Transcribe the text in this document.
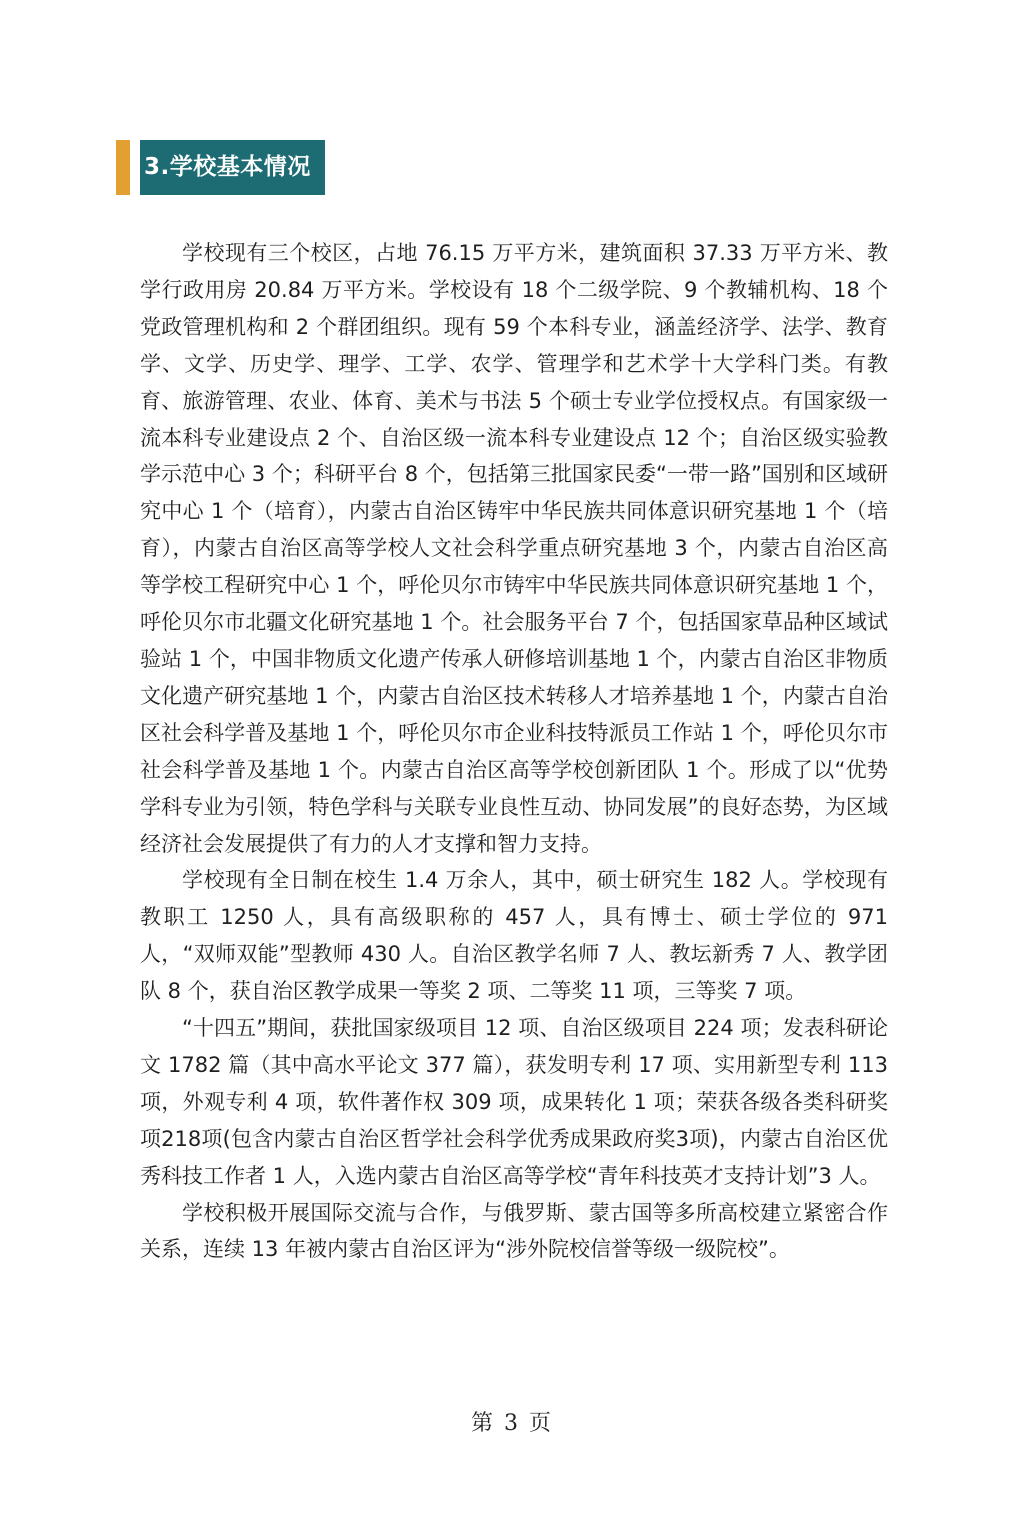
3.学校基本情况

学校现有三个校区，占地 76.15 万平方米，建筑面积 37.33 万平方米、教学行政用房 20.84 万平方米。学校设有 18 个二级学院、9 个教辅机构、18 个党政管理机构和 2 个群团组织。现有 59 个本科专业，涵盖经济学、法学、教育学、文学、历史学、理学、工学、农学、管理学和艺术学十大学科门类。有教育、旅游管理、农业、体育、美术与书法 5 个硕士专业学位授权点。有国家级一流本科专业建设点 2 个、自治区级一流本科专业建设点 12 个；自治区级实验教学示范中心 3 个；科研平台 8 个，包括第三批国家民委“一带一路”国别和区域研究中心 1 个（培育），内蒙古自治区铸牢中华民族共同体意识研究基地 1 个（培育），内蒙古自治区高等学校人文社会科学重点研究基地 3 个，内蒙古自治区高等学校工程研究中心 1 个，呼伦贝尔市铸牢中华民族共同体意识研究基地 1 个，呼伦贝尔市北疆文化研究基地 1 个。社会服务平台 7 个，包括国家草品种区域试验站 1 个，中国非物质文化遗产传承人研修培训基地 1 个，内蒙古自治区非物质文化遗产研究基地 1 个，内蒙古自治区技术转移人才培养基地 1 个，内蒙古自治区社会科学普及基地 1 个，呼伦贝尔市企业科技特派员工作站 1 个，呼伦贝尔市社会科学普及基地 1 个。内蒙古自治区高等学校创新团队 1 个。形成了以“优势学科专业为引领，特色学科与关联专业良性互动、协同发展”的良好态势，为区域经济社会发展提供了有力的人才支撑和智力支持。

学校现有全日制在校生 1.4 万余人，其中，硕士研究生 182 人。学校现有教职工 1250 人，具有高级职称的 457 人，具有博士、硕士学位的 971 人，“双师双能”型教师 430 人。自治区教学名师 7 人、教坛新秀 7 人、教学团队 8 个，获自治区教学成果一等奖 2 项、二等奖 11 项，三等奖 7 项。

“十四五”期间，获批国家级项目 12 项、自治区级项目 224 项；发表科研论文 1782 篇（其中高水平论文 377 篇），获发明专利 17 项、实用新型专利 113 项，外观专利 4 项，软件著作权 309 项，成果转化 1 项；荣获各级各类科研奖项218项(包含内蒙古自治区哲学社会科学优秀成果政府奖3项)，内蒙古自治区优秀科技工作者 1 人，入选内蒙古自治区高等学校“青年科技英才支持计划”3 人。

学校积极开展国际交流与合作，与俄罗斯、蒙古国等多所高校建立紧密合作关系，连续 13 年被内蒙古自治区评为“涉外院校信誉等级一级院校”。

第 3 页
